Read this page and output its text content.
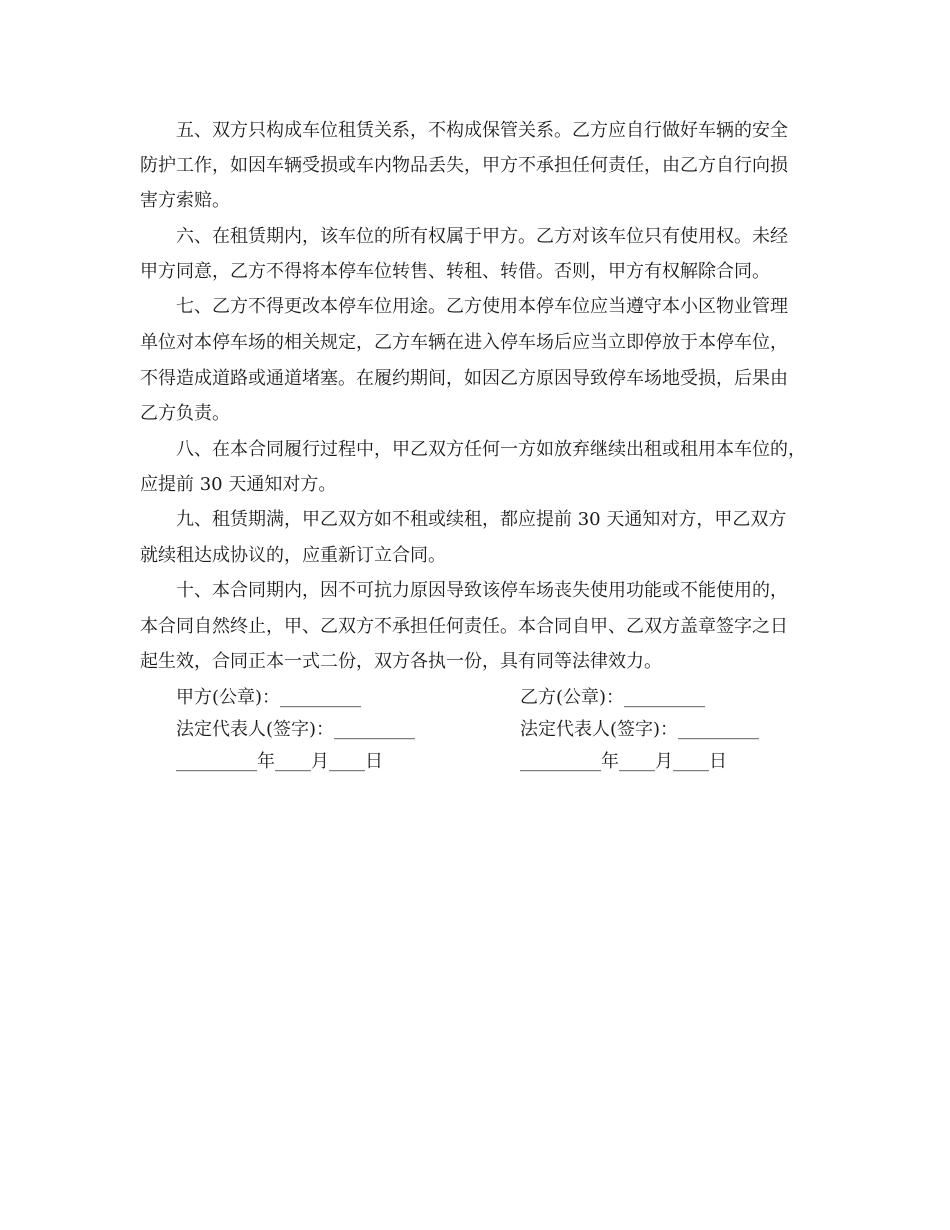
五、双方只构成车位租赁关系，不构成保管关系。乙方应自行做好车辆的安全
防护工作，如因车辆受损或车内物品丢失，甲方不承担任何责任，由乙方自行向损
害方索赔。
六、在租赁期内，该车位的所有权属于甲方。乙方对该车位只有使用权。未经
甲方同意，乙方不得将本停车位转售、转租、转借。否则，甲方有权解除合同。
七、乙方不得更改本停车位用途。乙方使用本停车位应当遵守本小区物业管理
单位对本停车场的相关规定，乙方车辆在进入停车场后应当立即停放于本停车位，
不得造成道路或通道堵塞。在履约期间，如因乙方原因导致停车场地受损，后果由
乙方负责。
八、在本合同履行过程中，甲乙双方任何一方如放弃继续出租或租用本车位的，
应提前 30 天通知对方。
九、租赁期满，甲乙双方如不租或续租，都应提前 30 天通知对方，甲乙双方
就续租达成协议的，应重新订立合同。
十、本合同期内，因不可抗力原因导致该停车场丧失使用功能或不能使用的，
本合同自然终止，甲、乙双方不承担任何责任。本合同自甲、乙双方盖章签字之日
起生效，合同正本一式二份，双方各执一份，具有同等法律效力。
甲方(公章)：_________	乙方(公章)：_________
法定代表人(签字)：_________	法定代表人(签字)：_________
_________年____月____日	_________年____月____日
